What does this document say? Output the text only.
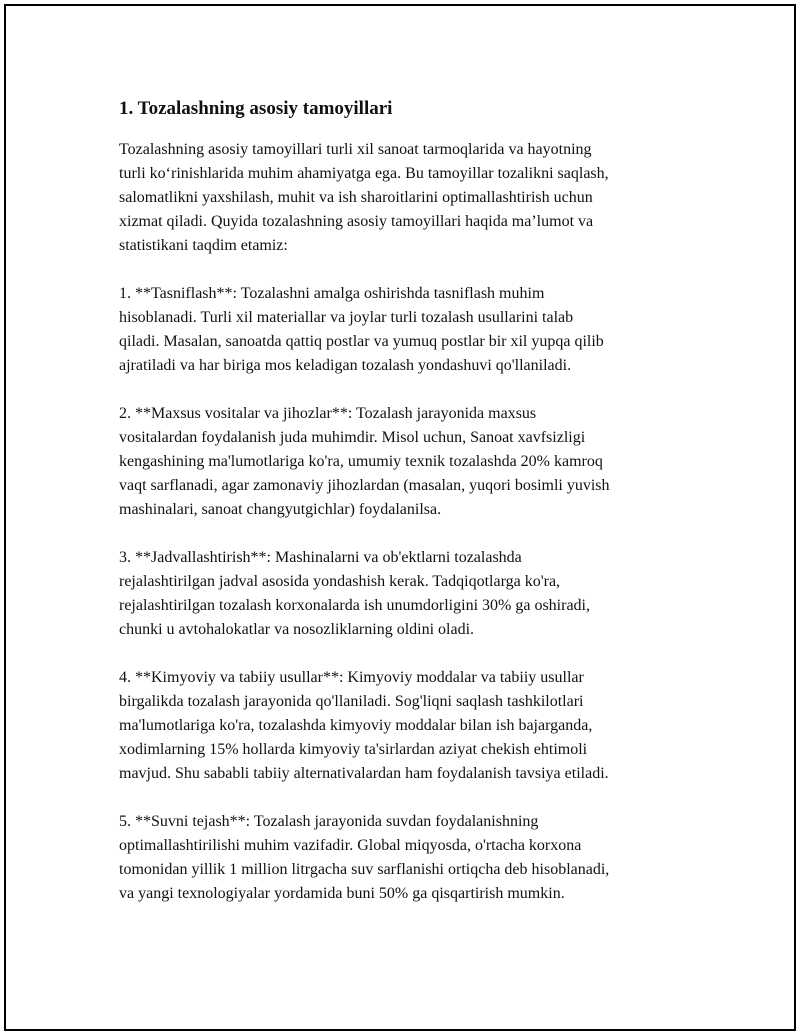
1. Tozalashning asosiy tamoyillari

Tozalashning asosiy tamoyillari turli xil sanoat tarmoqlarida va hayotning
turli ko‘rinishlarida muhim ahamiyatga ega. Bu tamoyillar tozalikni saqlash,
salomatlikni yaxshilash, muhit va ish sharoitlarini optimallashtirish uchun
xizmat qiladi. Quyida tozalashning asosiy tamoyillari haqida ma’lumot va
statistikani taqdim etamiz:

1. **Tasniflash**: Tozalashni amalga oshirishda tasniflash muhim
hisoblanadi. Turli xil materiallar va joylar turli tozalash usullarini talab
qiladi. Masalan, sanoatda qattiq postlar va yumuq postlar bir xil yupqa qilib
ajratiladi va har biriga mos keladigan tozalash yondashuvi qo'llaniladi.

2. **Maxsus vositalar va jihozlar**: Tozalash jarayonida maxsus
vositalardan foydalanish juda muhimdir. Misol uchun, Sanoat xavfsizligi
kengashining ma'lumotlariga ko'ra, umumiy texnik tozalashda 20% kamroq
vaqt sarflanadi, agar zamonaviy jihozlardan (masalan, yuqori bosimli yuvish
mashinalari, sanoat changyutgichlar) foydalanilsa.

3. **Jadvallashtirish**: Mashinalarni va ob'ektlarni tozalashda
rejalashtirilgan jadval asosida yondashish kerak. Tadqiqotlarga ko'ra,
rejalashtirilgan tozalash korxonalarda ish unumdorligini 30% ga oshiradi,
chunki u avtohalokatlar va nosozliklarning oldini oladi.

4. **Kimyoviy va tabiiy usullar**: Kimyoviy moddalar va tabiiy usullar
birgalikda tozalash jarayonida qo'llaniladi. Sog'liqni saqlash tashkilotlari
ma'lumotlariga ko'ra, tozalashda kimyoviy moddalar bilan ish bajarganda,
xodimlarning 15% hollarda kimyoviy ta'sirlardan aziyat chekish ehtimoli
mavjud. Shu sababli tabiiy alternativalardan ham foydalanish tavsiya etiladi.

5. **Suvni tejash**: Tozalash jarayonida suvdan foydalanishning
optimallashtirilishi muhim vazifadir. Global miqyosda, o'rtacha korxona
tomonidan yillik 1 million litrgacha suv sarflanishi ortiqcha deb hisoblanadi,
va yangi texnologiyalar yordamida buni 50% ga qisqartirish mumkin.
